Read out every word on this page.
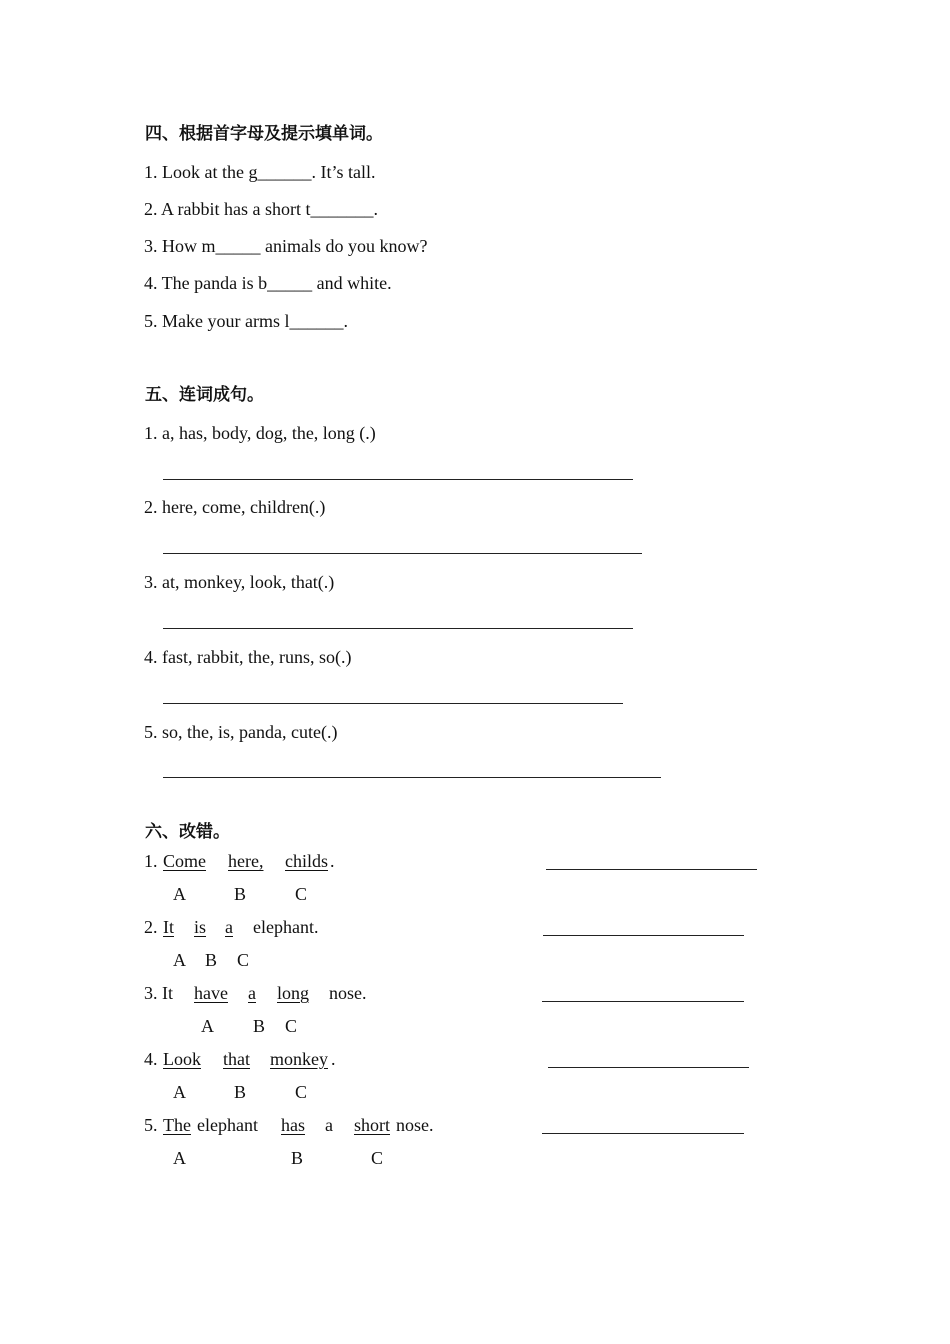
四、根据首字母及提示填单词。
1. Look at the g______. It’s tall.
2. A rabbit has a short t_______.
3. How m_____ animals do you know?
4. The panda is b_____ and white.
5. Make your arms l______.
五、连词成句。
1. a, has, body, dog, the, long (.)
2. here, come, children(.)
3. at, monkey, look, that(.)
4. fast, rabbit, the, runs, so(.)
5. so, the, is, panda, cute(.)
六、改错。
1. Come here, childs .
A	B	C
2. It is a elephant.
A B C
3. It have a long nose.
A B C
4. Look that monkey .
A	B	C
5. The elephant has a short nose.
A	B	C
